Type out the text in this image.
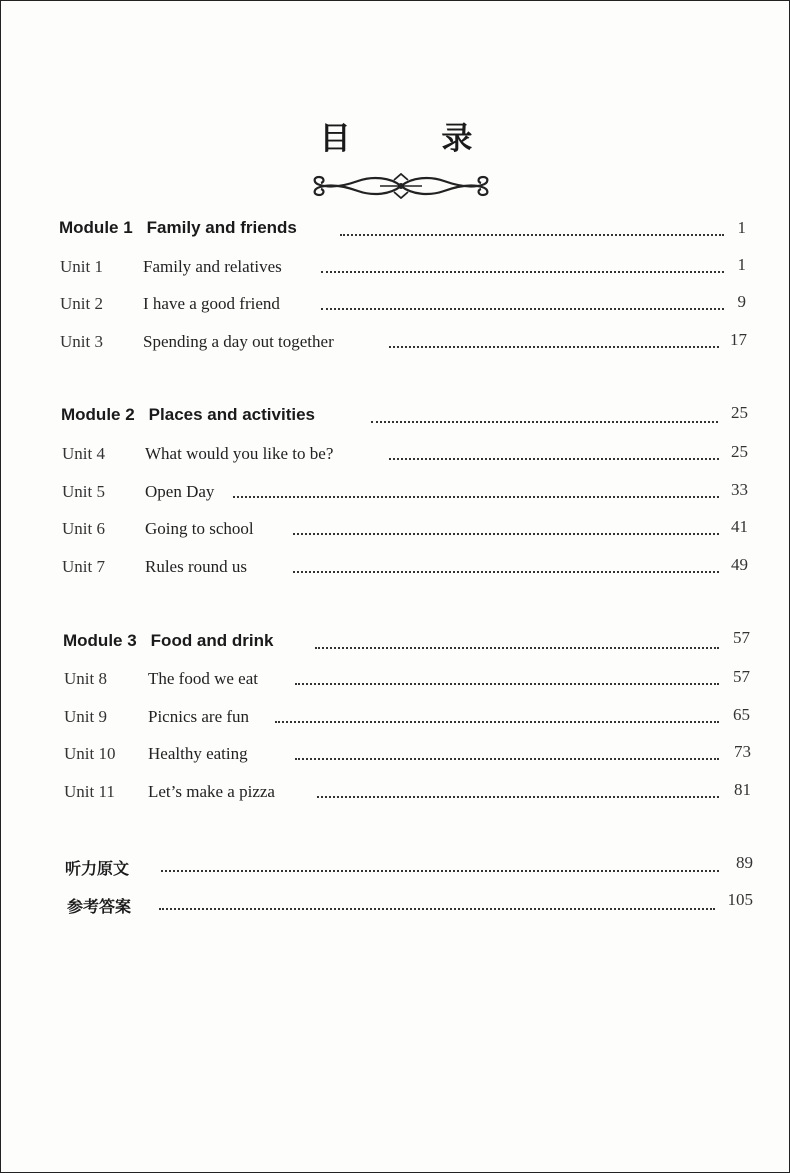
目 录
Module 1 Family and friends	1
Unit 1	Family and relatives	1
Unit 2	I have a good friend	9
Unit 3	Spending a day out together	17
Module 2 Places and activities	25
Unit 4	What would you like to be?	25
Unit 5	Open Day	33
Unit 6	Going to school	41
Unit 7	Rules round us	49
Module 3 Food and drink	57
Unit 8	The food we eat	57
Unit 9	Picnics are fun	65
Unit 10	Healthy eating	73
Unit 11	Let’s make a pizza	81
听力原文	89
参考答案	105
